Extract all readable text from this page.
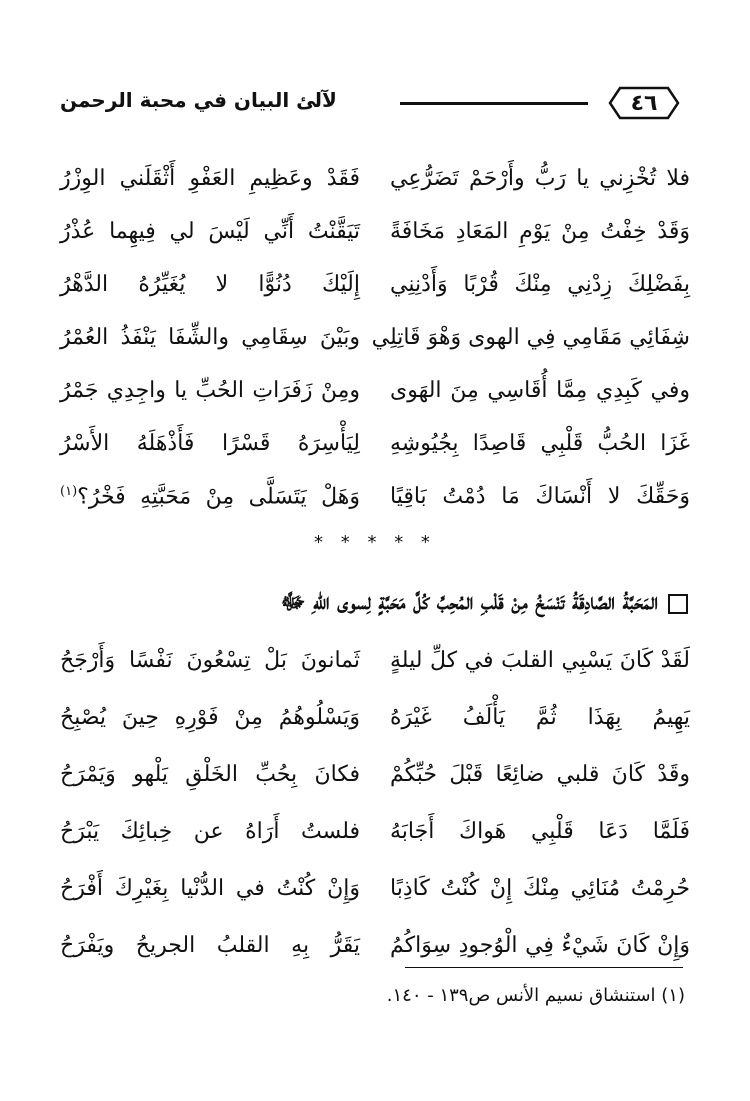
٤٦
لآلئ البيان في محبة الرحمن
فلا تُخْزِني يا رَبُّ وأَرْحَمْ تَضَرُّعِي
فَقَدْ وعَظِيمِ العَفْوِ أَثْقَلَني الوِزْرُ
وَقَدْ خِفْتُ مِنْ يَوْمِ المَعَادِ مَخَافَةً
تَيَقَّنْتُ أَنِّي لَيْسَ لي فِيهِما عُذْرُ
بِفَضْلِكَ زِدْنِي مِنْكَ قُرْبًا وَأَدْنِنِي
إِلَيْكَ دُنُوًّا لا يُغَيِّرُهُ الدَّهْرُ
شِفَائِي مَقَامِي فِي الهوى وَهْوَ قَاتِلِي
وبَيْنَ سِقَامِي والشِّفَا يَنْفَذُ العُمْرُ
وفي كَبِدِي مِمَّا أُقَاسِي مِنَ الهَوى
ومِنْ زَفَرَاتِ الحُبِّ يا واجِدِي جَمْرُ
غَزَا الحُبُّ قَلْبِي قَاصِدًا بِجُيُوشِهِ
لِيَأْسِرَهُ قَسْرًا فَأَذْهَلَهُ الأَسْرُ
وَحَقِّكَ لا أَنْسَاكَ مَا دُمْتُ بَاقِيًا
وَهَلْ يَتَسَلَّى مِنْ مَحَبَّتِهِ فَخْرُ؟$^{(١)}$
* * * * *
المَحَبَّةُ الصَّادِقَةُ تَنْسَخُ مِنْ قَلْبِ المُحِبِّ كُلَّ مَحَبَّةٍ لِسوى اللهِ ﷻ
لَقَدْ كَانَ يَسْبِي القلبَ في كلِّ ليلةٍ
ثَمانونَ بَلْ تِسْعُونَ نَفْسًا وَأَرْجَحُ
يَهِيمُ بِهَذَا ثُمَّ يَأْلَفُ غَيْرَهُ
وَيَسْلُوهُمُ مِنْ فَوْرِهِ حِينَ يُصْبِحُ
وقَدْ كَانَ قلبي ضائِعًا قَبْلَ حُبِّكُمْ
فكانَ بِحُبِّ الخَلْقِ يَلْهو وَيَمْرَحُ
فَلَمَّا دَعَا قَلْبِي هَواكَ أَجَابَهُ
فلستُ أَرَاهُ عن خِبائِكَ يَبْرَحُ
حُرِمْتُ مُنَائِي مِنْكَ إِنْ كُنْتُ كَاذِبًا
وَإِنْ كُنْتُ في الدُّنْيا بِغَيْرِكَ أَفْرَحُ
وَإِنْ كَانَ شَيْءٌ فِي الْوُجودِ سِوَاكُمُ
يَقَرُّ بِهِ القلبُ الجريحُ ويَفْرَحُ
(١) استنشاق نسيم الأنس ص١٣٩ - ١٤٠.
